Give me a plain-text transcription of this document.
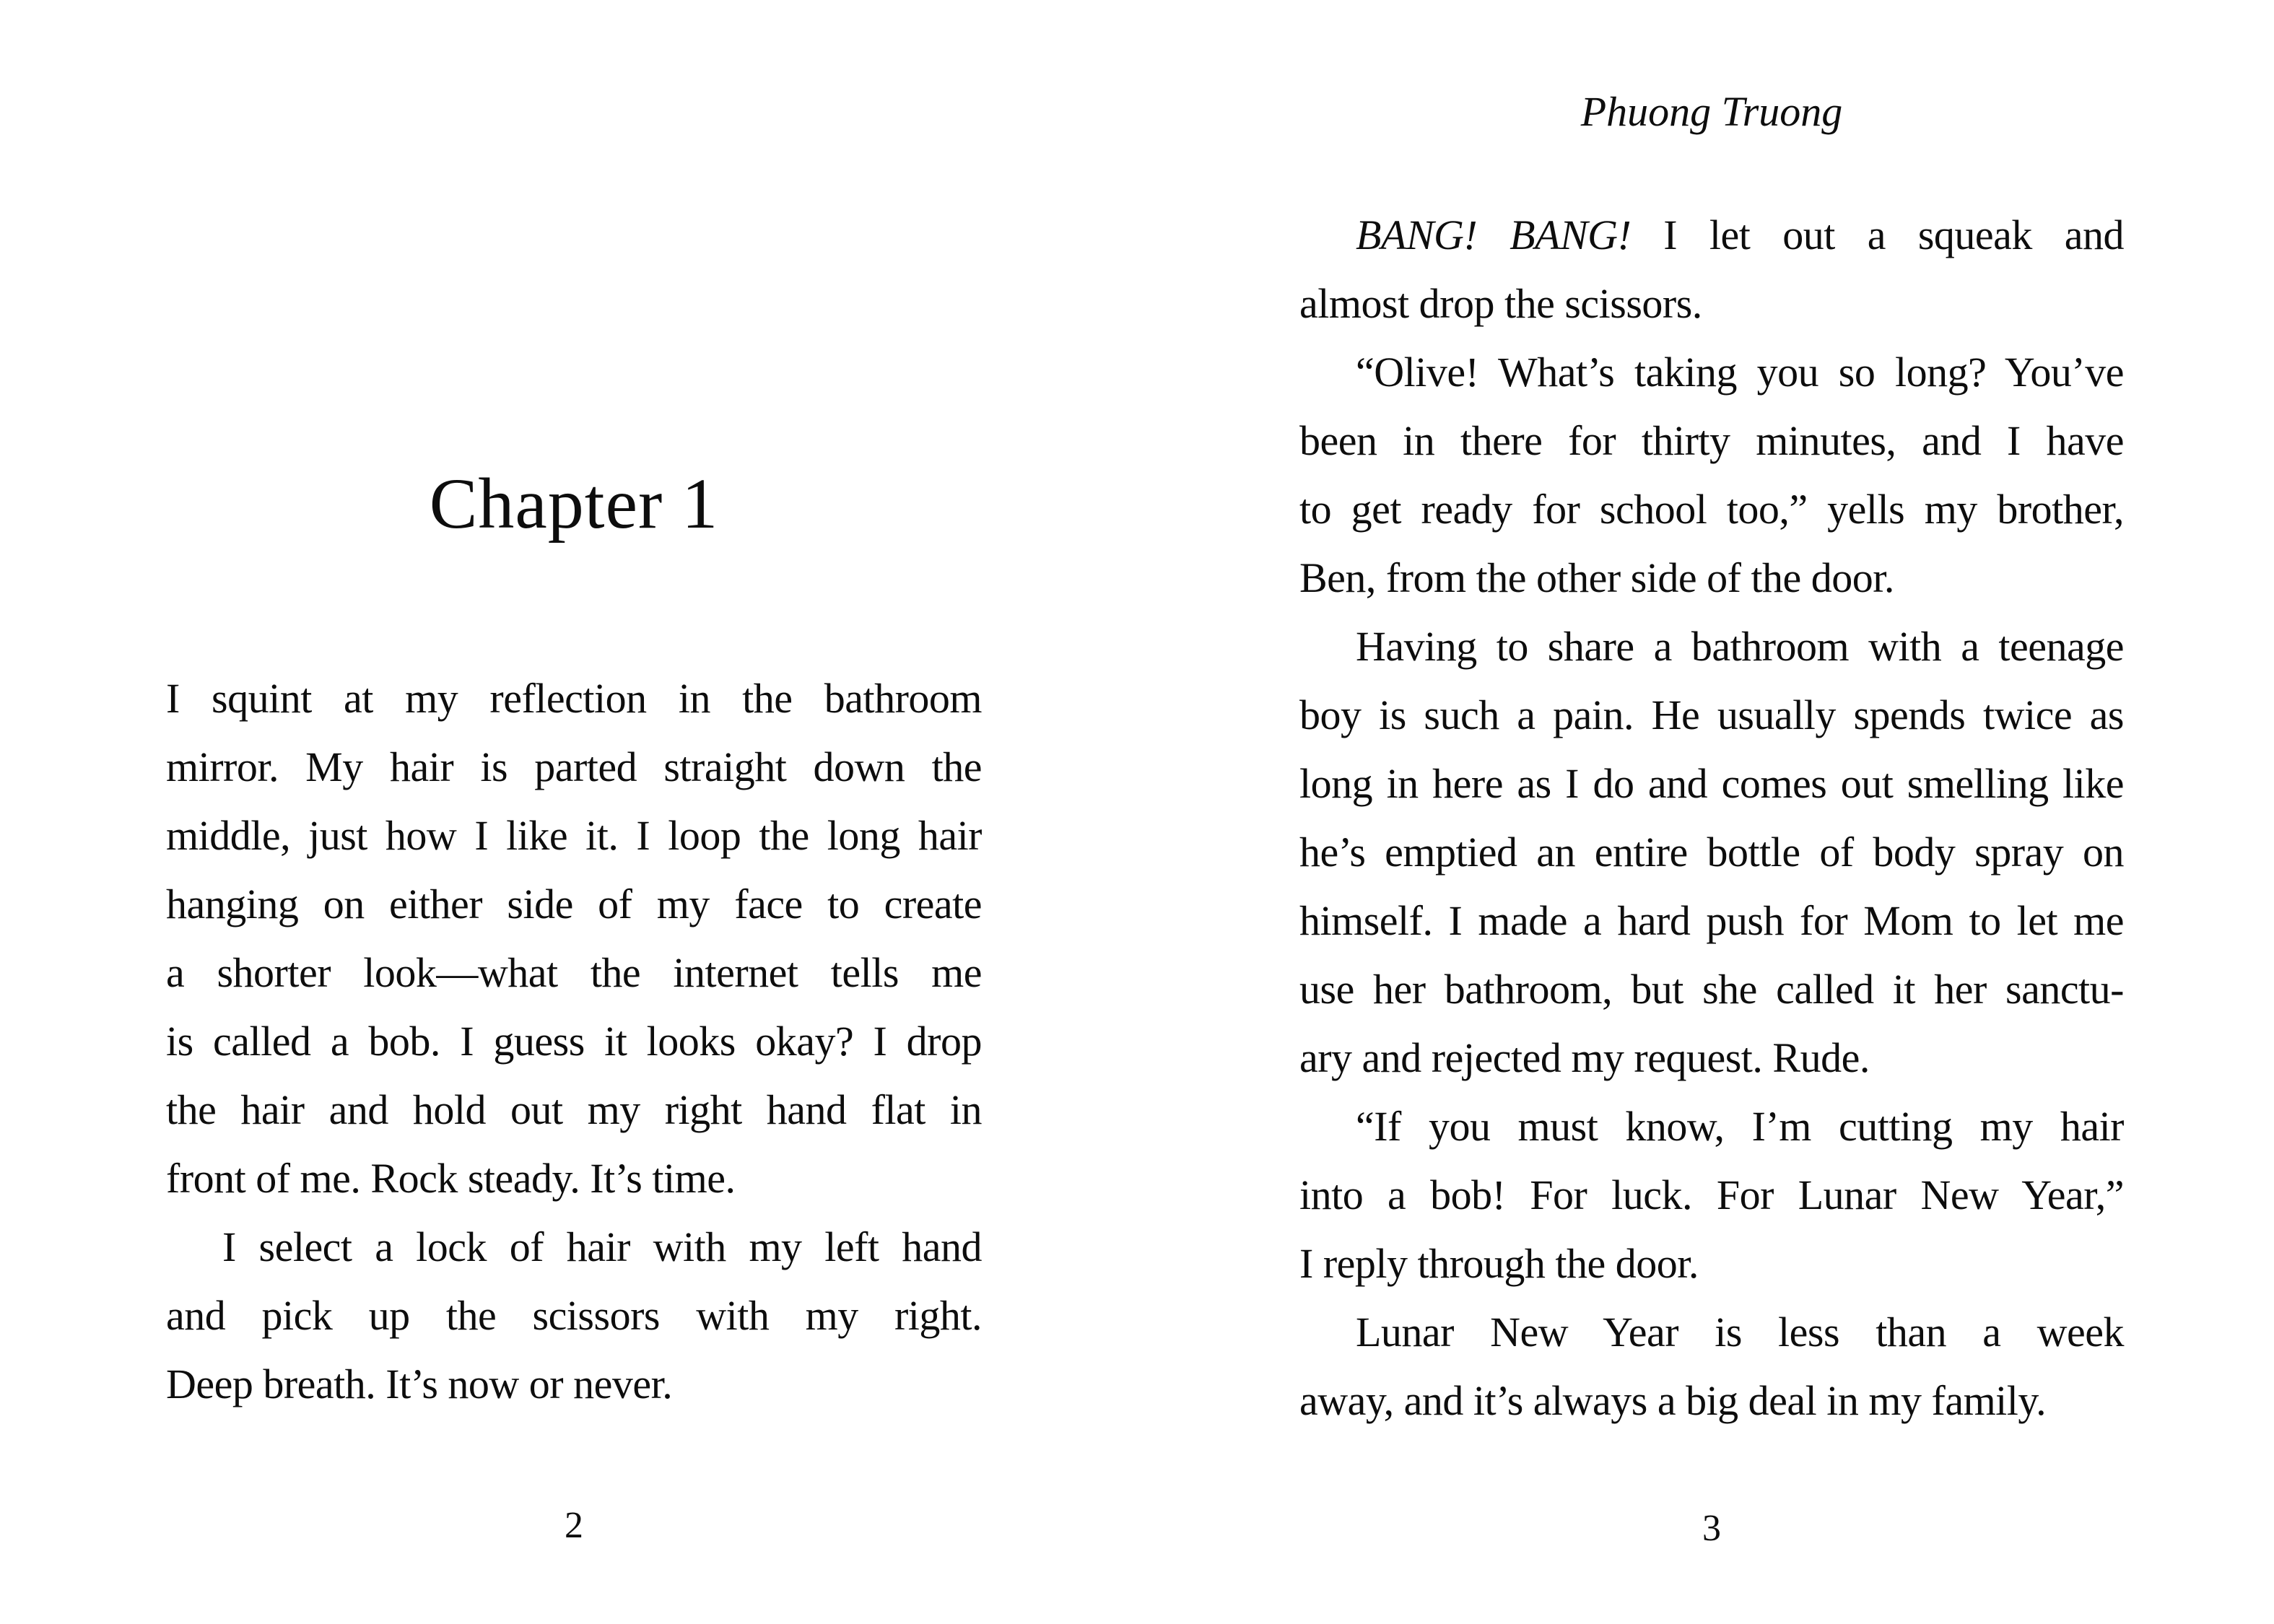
Chapter 1
I squint at my reflection in the bathroom
mirror. My hair is parted straight down the
middle, just how I like it. I loop the long hair
hanging on either side of my face to create
a shorter look—what the internet tells me
is called a bob. I guess it looks okay? I drop
the hair and hold out my right hand flat in
front of me. Rock steady. It’s time.
I select a lock of hair with my left hand
and pick up the scissors with my right.
Deep breath. It’s now or never.
2
Phuong Truong
BANG! BANG! I let out a squeak and
almost drop the scissors.
“Olive! What’s taking you so long? You’ve
been in there for thirty minutes, and I have
to get ready for school too,” yells my brother,
Ben, from the other side of the door.
Having to share a bathroom with a teenage
boy is such a pain. He usually spends twice as
long in here as I do and comes out smelling like
he’s emptied an entire bottle of body spray on
himself. I made a hard push for Mom to let me
use her bathroom, but she called it her sanctu-
ary and rejected my request. Rude.
“If you must know, I’m cutting my hair
into a bob! For luck. For Lunar New Year,”
I reply through the door.
Lunar New Year is less than a week
away, and it’s always a big deal in my family.
3
